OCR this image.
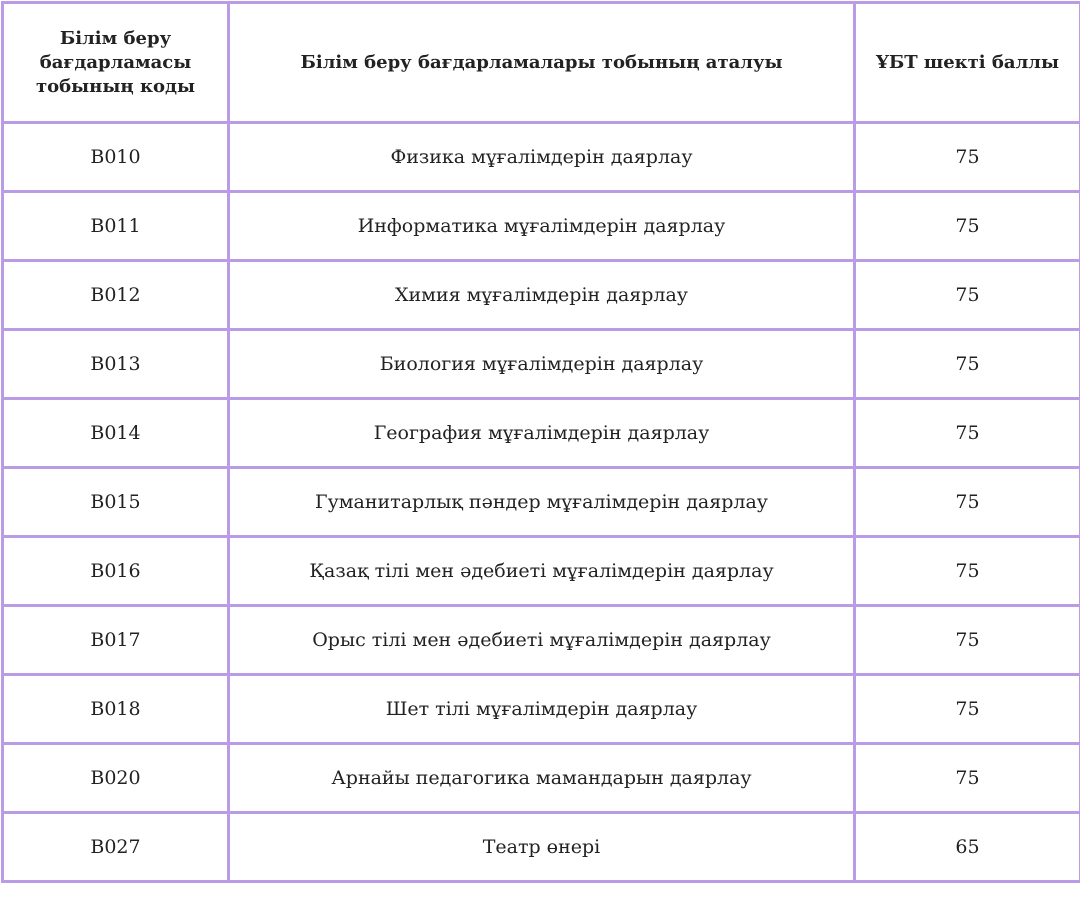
Білім беру бағдарламасы тобының коды	Білім беру бағдарламалары тобының аталуы	ҰБТ шекті баллы
B010	Физика мұғалімдерін даярлау	75
B011	Информатика мұғалімдерін даярлау	75
B012	Химия мұғалімдерін даярлау	75
B013	Биология мұғалімдерін даярлау	75
B014	География мұғалімдерін даярлау	75
B015	Гуманитарлық пәндер мұғалімдерін даярлау	75
B016	Қазақ тілі мен әдебиеті мұғалімдерін даярлау	75
B017	Орыс тілі мен әдебиеті мұғалімдерін даярлау	75
B018	Шет тілі мұғалімдерін даярлау	75
B020	Арнайы педагогика мамандарын даярлау	75
B027	Театр өнері	65
